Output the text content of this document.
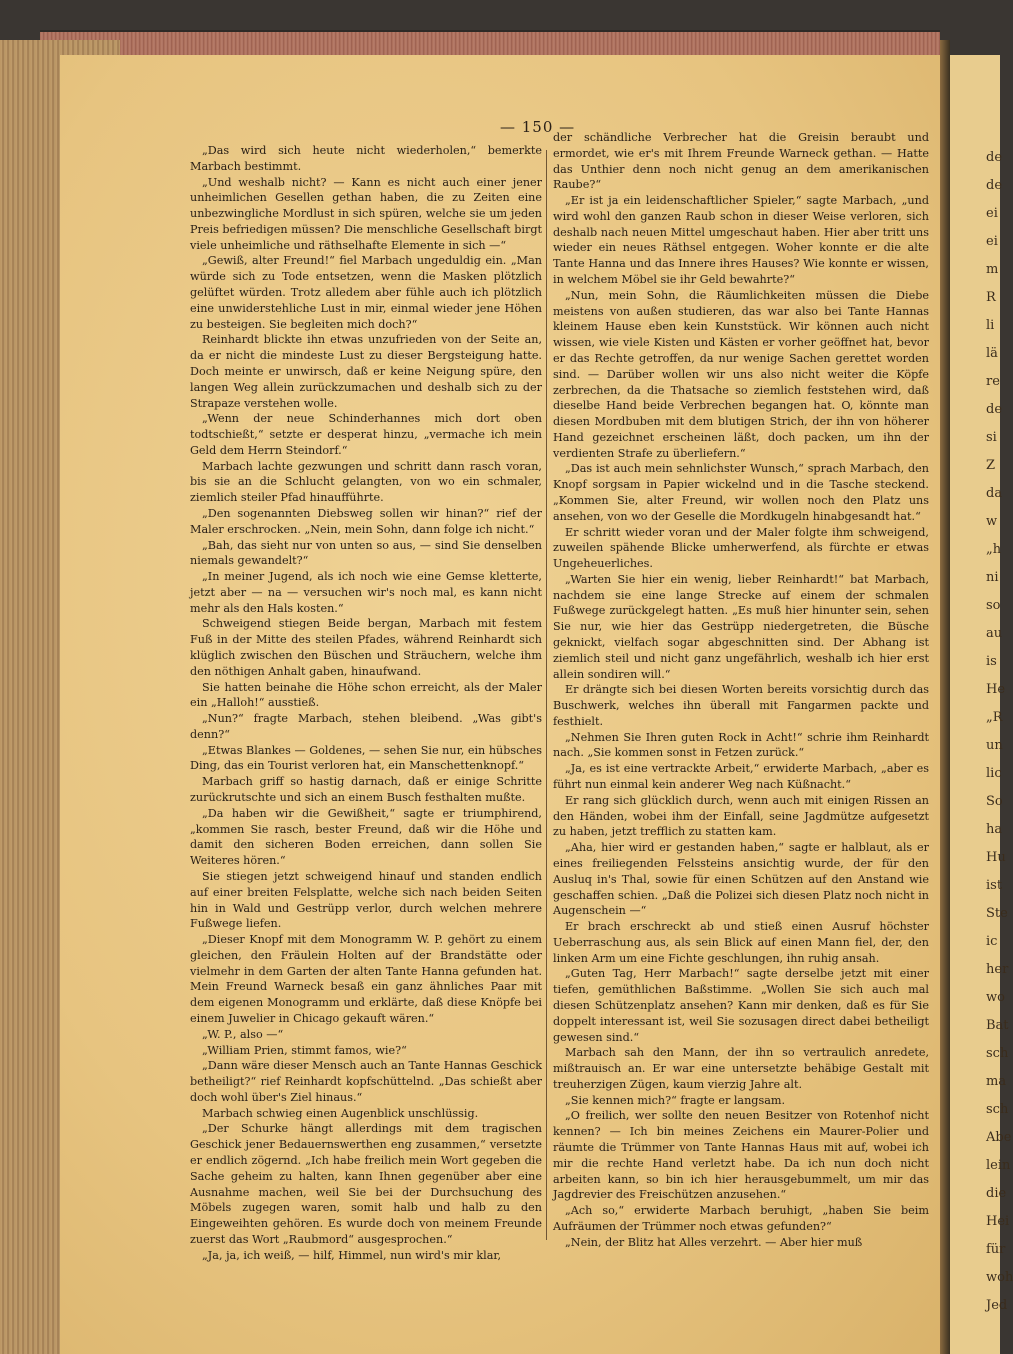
de
de
ei
ei
m
R
li
lä
re
de
si
Z
da
w
„h
ni
so
au
is
He
„R
un
lic
So
ha
Hu
ist
Ste
ic
her
wo
Bat
sch
ma
sch
Abe
lein
die
Hei
für
woh
Jed
— 150 —

„Das wird sich heute nicht wiederholen,“ bemerkte Marbach bestimmt.

„Und weshalb nicht? — Kann es nicht auch einer jener unheimlichen Gesellen gethan haben, die zu Zeiten eine unbezwingliche Mordlust in sich spüren, welche sie um jeden Preis befriedigen müssen? Die menschliche Gesellschaft birgt viele unheimliche und räthselhafte Elemente in sich —“

„Gewiß, alter Freund!“ fiel Marbach ungeduldig ein. „Man würde sich zu Tode entsetzen, wenn die Masken plötzlich gelüftet würden. Trotz alledem aber fühle auch ich plötzlich eine unwiderstehliche Lust in mir, einmal wieder jene Höhen zu besteigen. Sie begleiten mich doch?“

Reinhardt blickte ihn etwas unzufrieden von der Seite an, da er nicht die mindeste Lust zu dieser Bergsteigung hatte. Doch meinte er unwirsch, daß er keine Neigung spüre, den langen Weg allein zurückzumachen und deshalb sich zu der Strapaze verstehen wolle.

„Wenn der neue Schinderhannes mich dort oben todtschießt,“ setzte er desperat hinzu, „vermache ich mein Geld dem Herrn Steindorf.“

Marbach lachte gezwungen und schritt dann rasch voran, bis sie an die Schlucht gelangten, von wo ein schmaler, ziemlich steiler Pfad hinaufführte.

„Den sogenannten Diebsweg sollen wir hinan?“ rief der Maler erschrocken. „Nein, mein Sohn, dann folge ich nicht.“

„Bah, das sieht nur von unten so aus, — sind Sie denselben niemals gewandelt?“

„In meiner Jugend, als ich noch wie eine Gemse kletterte, jetzt aber — na — versuchen wir's noch mal, es kann nicht mehr als den Hals kosten.“

Schweigend stiegen Beide bergan, Marbach mit festem Fuß in der Mitte des steilen Pfades, während Reinhardt sich klüglich zwischen den Büschen und Sträuchern, welche ihm den nöthigen Anhalt gaben, hinaufwand.

Sie hatten beinahe die Höhe schon erreicht, als der Maler ein „Halloh!“ ausstieß.

„Nun?“ fragte Marbach, stehen bleibend. „Was gibt's denn?“

„Etwas Blankes — Goldenes, — sehen Sie nur, ein hübsches Ding, das ein Tourist verloren hat, ein Manschettenknopf.“

Marbach griff so hastig darnach, daß er einige Schritte zurückrutschte und sich an einem Busch festhalten mußte.

„Da haben wir die Gewißheit,“ sagte er triumphirend, „kommen Sie rasch, bester Freund, daß wir die Höhe und damit den sicheren Boden erreichen, dann sollen Sie Weiteres hören.“

Sie stiegen jetzt schweigend hinauf und standen endlich auf einer breiten Felsplatte, welche sich nach beiden Seiten hin in Wald und Gestrüpp verlor, durch welchen mehrere Fußwege liefen.

„Dieser Knopf mit dem Monogramm W. P. gehört zu einem gleichen, den Fräulein Holten auf der Brandstätte oder vielmehr in dem Garten der alten Tante Hanna gefunden hat. Mein Freund Warneck besaß ein ganz ähnliches Paar mit dem eigenen Monogramm und erklärte, daß diese Knöpfe bei einem Juwelier in Chicago gekauft wären.“

„W. P., also —“

„William Prien, stimmt famos, wie?“

„Dann wäre dieser Mensch auch an Tante Hannas Geschick betheiligt?“ rief Reinhardt kopfschüttelnd. „Das schießt aber doch wohl über's Ziel hinaus.“

Marbach schwieg einen Augenblick unschlüssig.

„Der Schurke hängt allerdings mit dem tragischen Geschick jener Bedauernswerthen eng zusammen,“ versetzte er endlich zögernd. „Ich habe freilich mein Wort gegeben die Sache geheim zu halten, kann Ihnen gegenüber aber eine Ausnahme machen, weil Sie bei der Durchsuchung des Möbels zugegen waren, somit halb und halb zu den Eingeweihten gehören. Es wurde doch von meinem Freunde zuerst das Wort „Raubmord“ ausgesprochen.“

„Ja, ja, ich weiß, — hilf, Himmel, nun wird's mir klar,

der schändliche Verbrecher hat die Greisin beraubt und ermordet, wie er's mit Ihrem Freunde Warneck gethan. — Hatte das Unthier denn noch nicht genug an dem amerikanischen Raube?“

„Er ist ja ein leidenschaftlicher Spieler,“ sagte Marbach, „und wird wohl den ganzen Raub schon in dieser Weise verloren, sich deshalb nach neuen Mittel umgeschaut haben. Hier aber tritt uns wieder ein neues Räthsel entgegen. Woher konnte er die alte Tante Hanna und das Innere ihres Hauses? Wie konnte er wissen, in welchem Möbel sie ihr Geld bewahrte?“

„Nun, mein Sohn, die Räumlichkeiten müssen die Diebe meistens von außen studieren, das war also bei Tante Hannas kleinem Hause eben kein Kunststück. Wir können auch nicht wissen, wie viele Kisten und Kästen er vorher geöffnet hat, bevor er das Rechte getroffen, da nur wenige Sachen gerettet worden sind. — Darüber wollen wir uns also nicht weiter die Köpfe zerbrechen, da die Thatsache so ziemlich feststehen wird, daß dieselbe Hand beide Verbrechen begangen hat. O, könnte man diesen Mordbuben mit dem blutigen Strich, der ihn von höherer Hand gezeichnet erscheinen läßt, doch packen, um ihn der verdienten Strafe zu überliefern.“

„Das ist auch mein sehnlichster Wunsch,“ sprach Marbach, den Knopf sorgsam in Papier wickelnd und in die Tasche steckend. „Kommen Sie, alter Freund, wir wollen noch den Platz uns ansehen, von wo der Geselle die Mordkugeln hinabgesandt hat.“

Er schritt wieder voran und der Maler folgte ihm schweigend, zuweilen spähende Blicke umherwerfend, als fürchte er etwas Ungeheuerliches.

„Warten Sie hier ein wenig, lieber Reinhardt!“ bat Marbach, nachdem sie eine lange Strecke auf einem der schmalen Fußwege zurückgelegt hatten. „Es muß hier hinunter sein, sehen Sie nur, wie hier das Gestrüpp niedergetreten, die Büsche geknickt, vielfach sogar abgeschnitten sind. Der Abhang ist ziemlich steil und nicht ganz ungefährlich, weshalb ich hier erst allein sondiren will.“

Er drängte sich bei diesen Worten bereits vorsichtig durch das Buschwerk, welches ihn überall mit Fangarmen packte und festhielt.

„Nehmen Sie Ihren guten Rock in Acht!“ schrie ihm Reinhardt nach. „Sie kommen sonst in Fetzen zurück.“

„Ja, es ist eine vertrackte Arbeit,“ erwiderte Marbach, „aber es führt nun einmal kein anderer Weg nach Küßnacht.“

Er rang sich glücklich durch, wenn auch mit einigen Rissen an den Händen, wobei ihm der Einfall, seine Jagdmütze aufgesetzt zu haben, jetzt trefflich zu statten kam.

„Aha, hier wird er gestanden haben,“ sagte er halblaut, als er eines freiliegenden Felssteins ansichtig wurde, der für den Ausluq in's Thal, sowie für einen Schützen auf den Anstand wie geschaffen schien. „Daß die Polizei sich diesen Platz noch nicht in Augenschein —“

Er brach erschreckt ab und stieß einen Ausruf höchster Ueberraschung aus, als sein Blick auf einen Mann fiel, der, den linken Arm um eine Fichte geschlungen, ihn ruhig ansah.

„Guten Tag, Herr Marbach!“ sagte derselbe jetzt mit einer tiefen, gemüthlichen Baßstimme. „Wollen Sie sich auch mal diesen Schützenplatz ansehen? Kann mir denken, daß es für Sie doppelt interessant ist, weil Sie sozusagen direct dabei betheiligt gewesen sind.“

Marbach sah den Mann, der ihn so vertraulich anredete, mißtrauisch an. Er war eine untersetzte behäbige Gestalt mit treuherzigen Zügen, kaum vierzig Jahre alt.

„Sie kennen mich?“ fragte er langsam.

„O freilich, wer sollte den neuen Besitzer von Rotenhof nicht kennen? — Ich bin meines Zeichens ein Maurer-Polier und räumte die Trümmer von Tante Hannas Haus mit auf, wobei ich mir die rechte Hand verletzt habe. Da ich nun doch nicht arbeiten kann, so bin ich hier herausgebummelt, um mir das Jagdrevier des Freischützen anzusehen.“

„Ach so,“ erwiderte Marbach beruhigt, „haben Sie beim Aufräumen der Trümmer noch etwas gefunden?“

„Nein, der Blitz hat Alles verzehrt. — Aber hier muß
